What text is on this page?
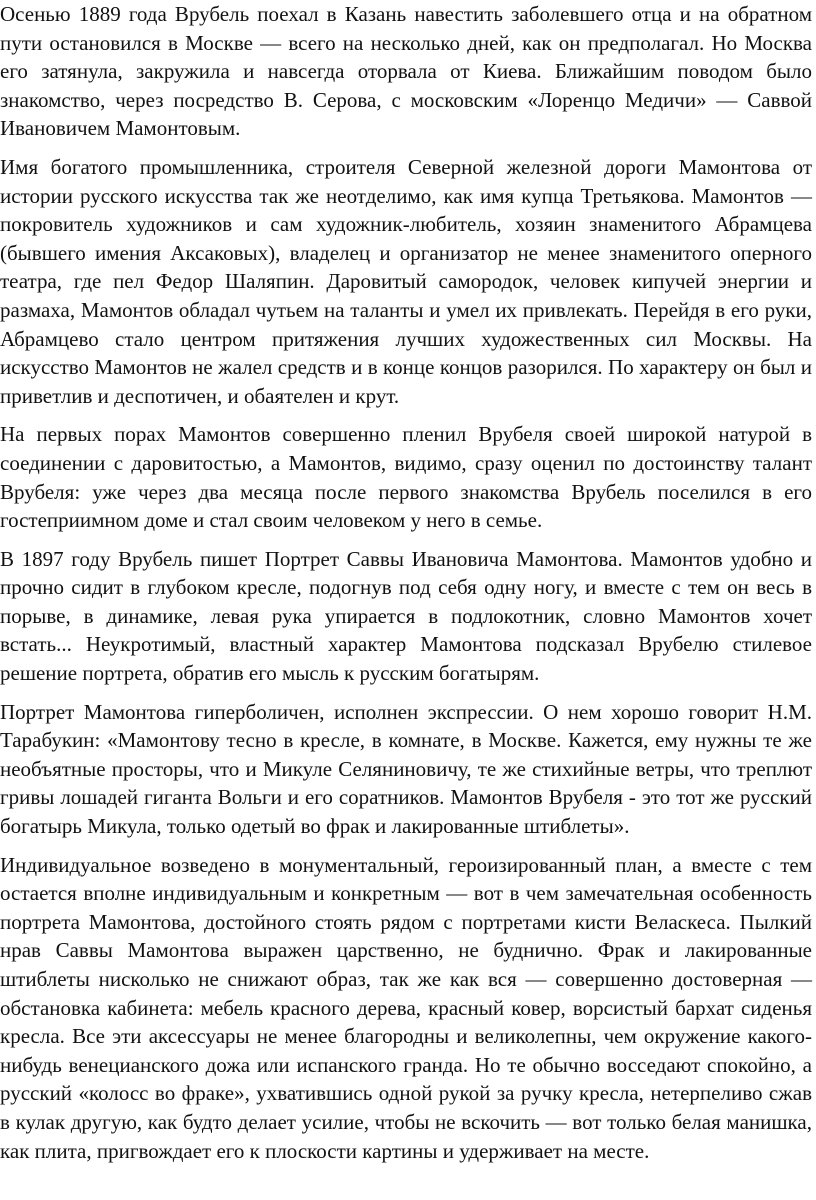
Осенью 1889 года Врубель поехал в Казань навестить заболевшего отца и на обратном пути остановился в Москве — всего на несколько дней, как он предполагал. Но Москва его затянула, закружила и навсегда оторвала от Киева. Ближайшим поводом было знакомство, через посредство В. Серова, с московским «Лоренцо Медичи» — Саввой Ивановичем Мамонтовым.

Имя богатого промышленника, строителя Северной железной дороги Мамонтова от истории русского искусства так же неотделимо, как имя купца Третьякова. Мамонтов — покровитель художников и сам художник-любитель, хозяин знаменитого Абрамцева (бывшего имения Аксаковых), владелец и организатор не менее знаменитого оперного театра, где пел Федор Шаляпин. Даровитый самородок, человек кипучей энергии и размаха, Мамонтов обладал чутьем на таланты и умел их привлекать. Перейдя в его руки, Абрамцево стало центром притяжения лучших художественных сил Москвы. На искусство Мамонтов не жалел средств и в конце концов разорился. По характеру он был и приветлив и деспотичен, и обаятелен и крут.

На первых порах Мамонтов совершенно пленил Врубеля своей широкой натурой в соединении с даровитостью, а Мамонтов, видимо, сразу оценил по достоинству талант Врубеля: уже через два месяца после первого знакомства Врубель поселился в его гостеприимном доме и стал своим человеком у него в семье.

В 1897 году Врубель пишет Портрет Саввы Ивановича Мамонтова. Мамонтов удобно и прочно сидит в глубоком кресле, подогнув под себя одну ногу, и вместе с тем он весь в порыве, в динамике, левая рука упирается в подлокотник, словно Мамонтов хочет встать... Неукротимый, властный характер Мамонтова подсказал Врубелю стилевое решение портрета, обратив его мысль к русским богатырям.

Портрет Мамонтова гиперболичен, исполнен экспрессии. О нем хорошо говорит Н.М. Тарабукин: «Мамонтову тесно в кресле, в комнате, в Москве. Кажется, ему нужны те же необъятные просторы, что и Микуле Селяниновичу, те же стихийные ветры, что треплют гривы лошадей гиганта Вольги и его соратников. Мамонтов Врубеля - это тот же русский богатырь Микула, только одетый во фрак и лакированные штиблеты».

Индивидуальное возведено в монументальный, героизированный план, а вместе с тем остается вполне индивидуальным и конкретным — вот в чем замечательная особенность портрета Мамонтова, достойного стоять рядом с портретами кисти Веласкеса. Пылкий нрав Саввы Мамонтова выражен царственно, не буднично. Фрак и лакированные штиблеты нисколько не снижают образ, так же как вся — совершенно достоверная — обстановка кабинета: мебель красного дерева, красный ковер, ворсистый бархат сиденья кресла. Все эти аксессуары не менее благородны и великолепны, чем окружение какого-нибудь венецианского дожа или испанского гранда. Но те обычно восседают спокойно, а русский «колосс во фраке», ухватившись одной рукой за ручку кресла, нетерпеливо сжав в кулак другую, как будто делает усилие, чтобы не вскочить — вот только белая манишка, как плита, пригвождает его к плоскости картины и удерживает на месте.
